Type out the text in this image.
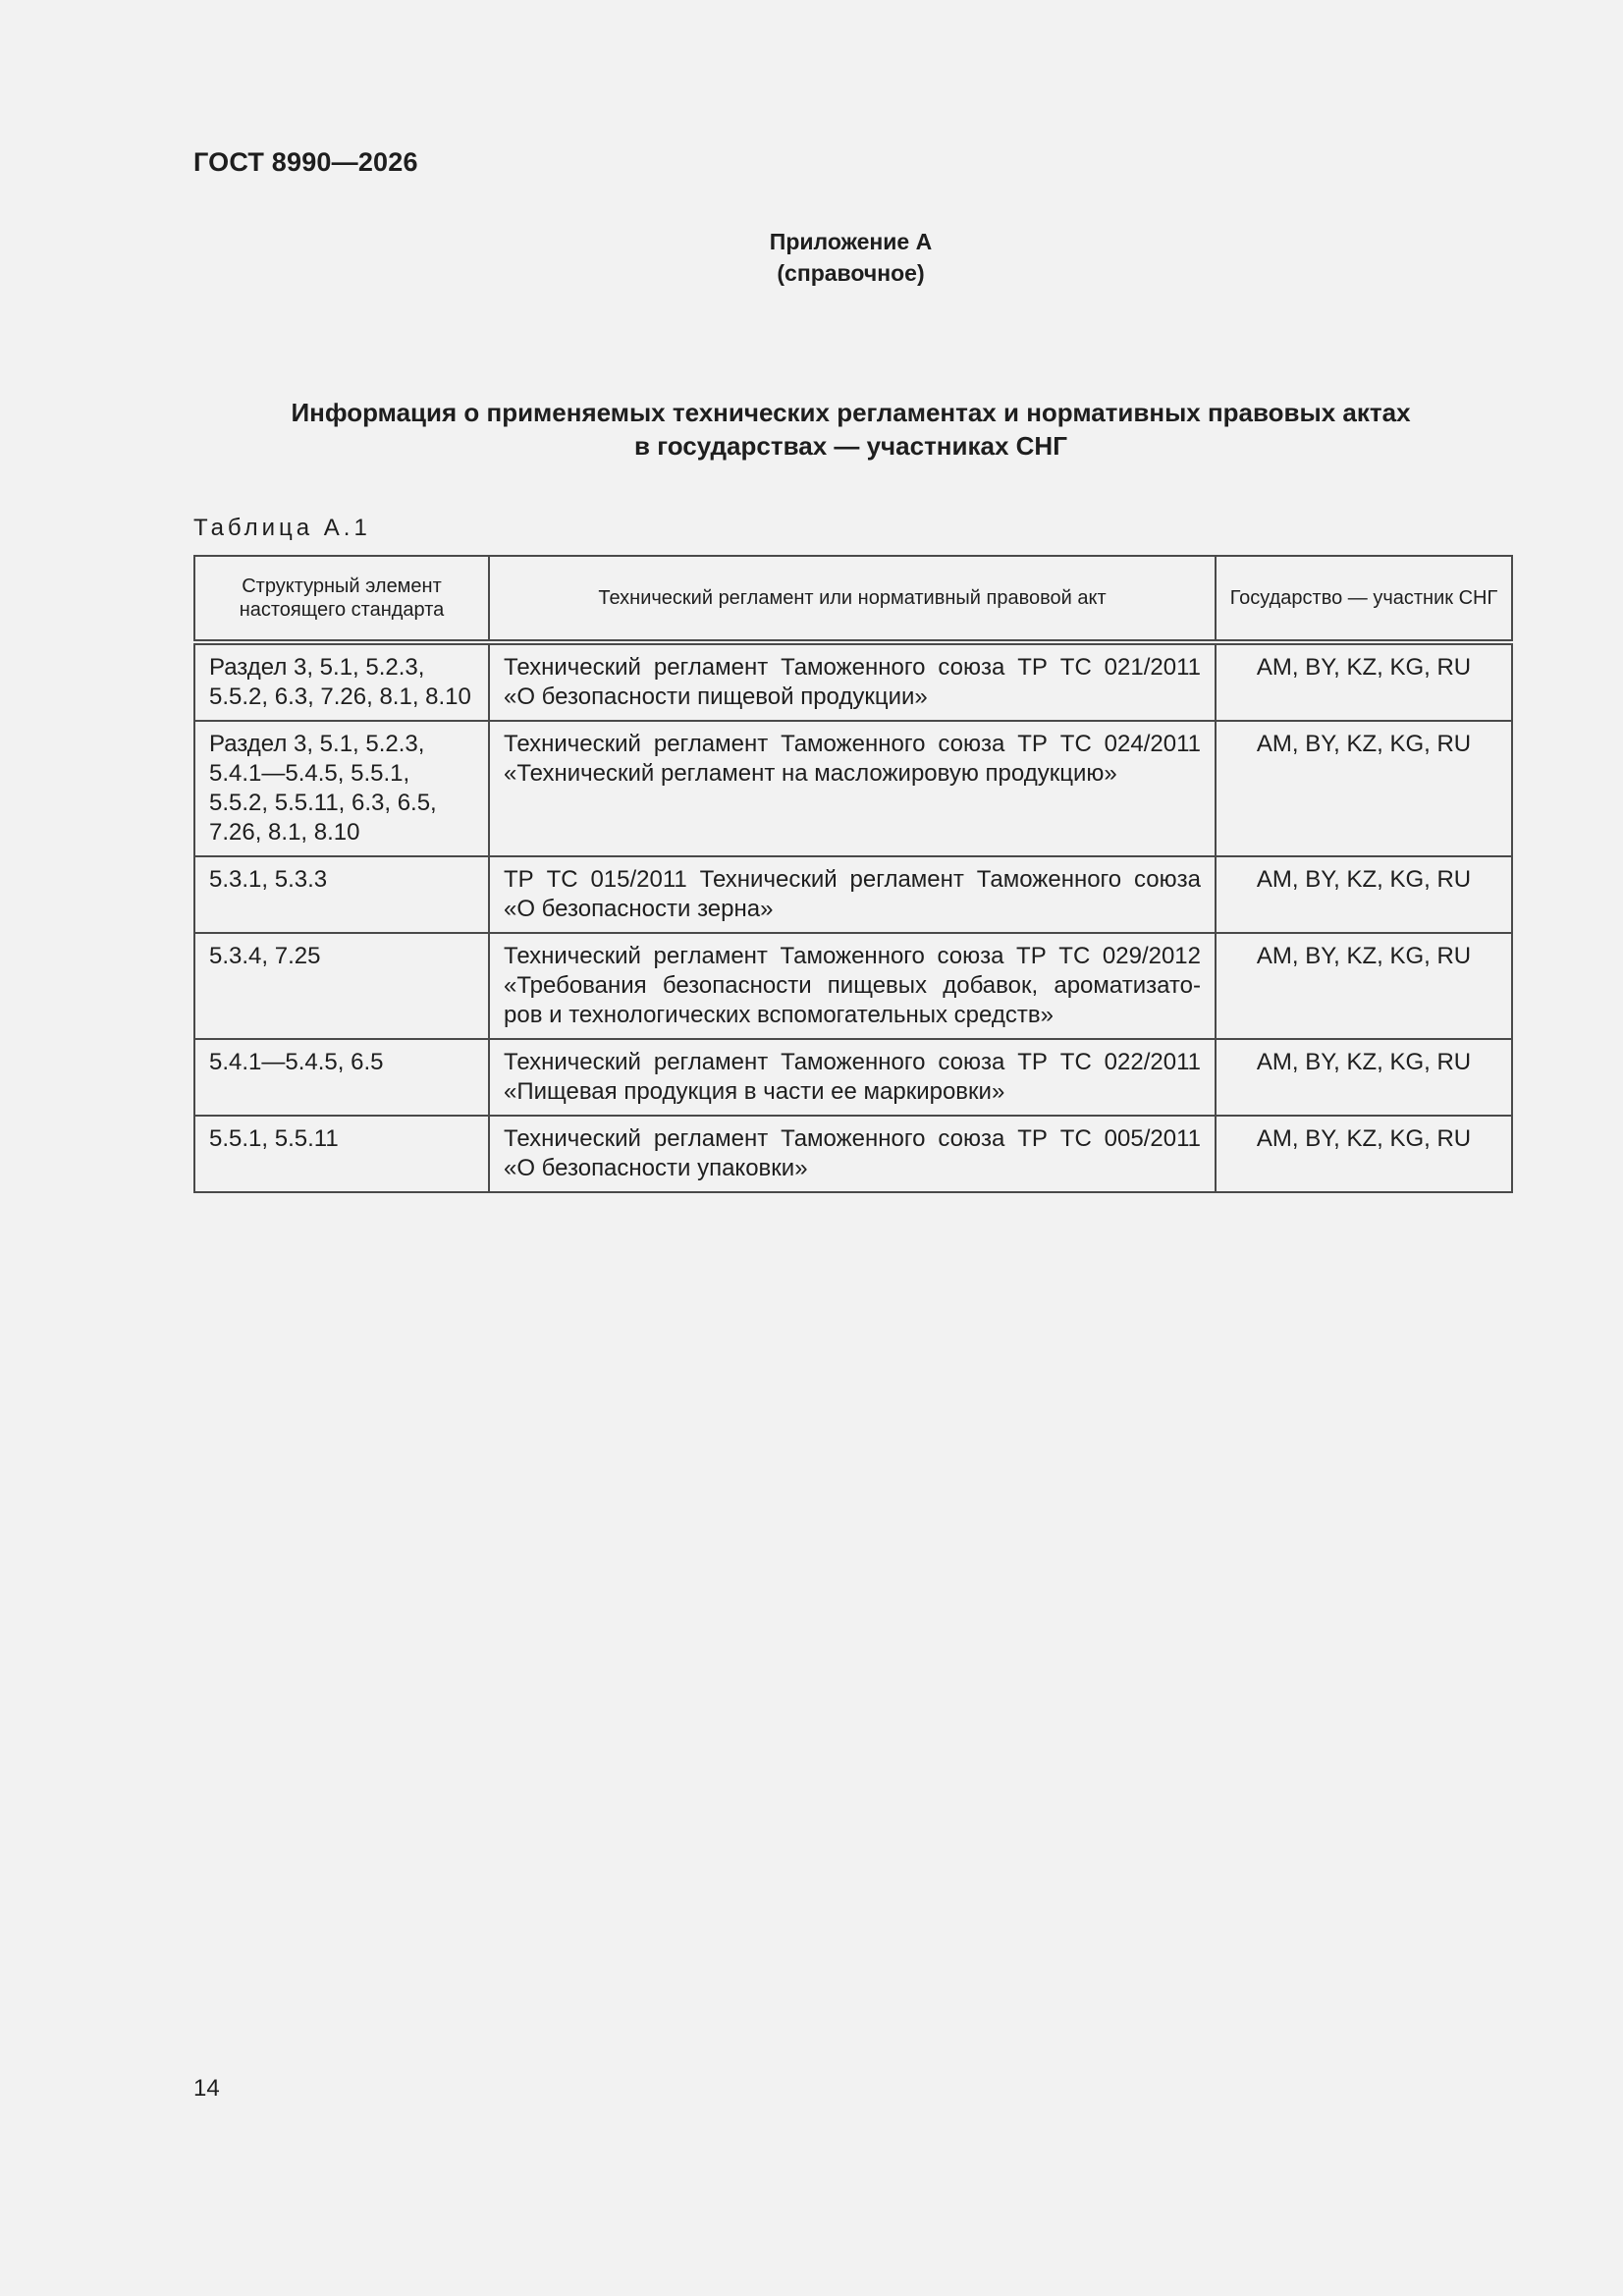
ГОСТ 8990—2026
Приложение А
(справочное)
Информация о применяемых технических регламентах и нормативных правовых актах
в государствах — участниках СНГ
Таблица А.1
Структурный элемент настоящего стандарта	Технический регламент или нормативный правовой акт	Государство — участник СНГ
Раздел 3, 5.1, 5.2.3, 5.5.2, 6.3, 7.26, 8.1, 8.10	Технический регламент Таможенного союза ТР ТС 021/2011 «О безопасности пищевой продукции»	AM, BY, KZ, KG, RU
Раздел 3, 5.1, 5.2.3, 5.4.1—5.4.5, 5.5.1, 5.5.2, 5.5.11, 6.3, 6.5, 7.26, 8.1, 8.10	Технический регламент Таможенного союза ТР ТС 024/2011 «Технический регламент на масложировую продукцию»	AM, BY, KZ, KG, RU
5.3.1, 5.3.3	ТР ТС 015/2011 Технический регламент Таможенного союза «О безопасности зерна»	AM, BY, KZ, KG, RU
5.3.4, 7.25	Технический регламент Таможенного союза ТР ТС 029/2012 «Требования безопасности пищевых добавок, ароматизато-ров и технологических вспомогательных средств»	AM, BY, KZ, KG, RU
5.4.1—5.4.5, 6.5	Технический регламент Таможенного союза ТР ТС 022/2011 «Пищевая продукция в части ее маркировки»	AM, BY, KZ, KG, RU
5.5.1, 5.5.11	Технический регламент Таможенного союза ТР ТС 005/2011 «О безопасности упаковки»	AM, BY, KZ, KG, RU
14
